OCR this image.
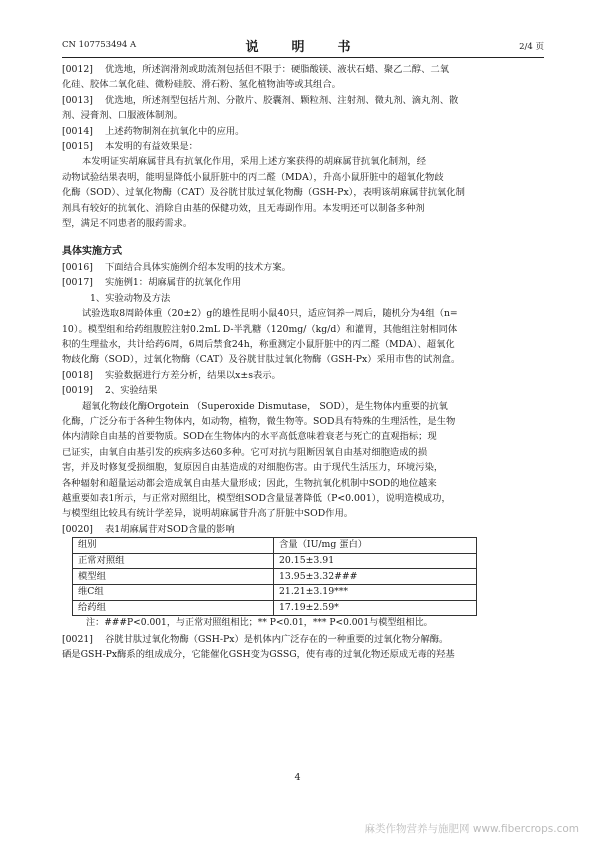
CN 107753494 A	说　明　书	2/4 页

[0012] 优选地，所述润滑剂或助流剂包括但不限于：硬脂酸镁、液状石蜡、聚乙二醇、二氧

化硅、胶体二氧化硅、微粉硅胶、滑石粉、氢化植物油等或其组合。

[0013] 优选地，所述剂型包括片剂、分散片、胶囊剂、颗粒剂、注射剂、微丸剂、滴丸剂、散

剂、浸膏剂、口服液体制剂。

[0014] 上述药物制剂在抗氧化中的应用。

[0015] 本发明的有益效果是：

本发明证实胡麻属苷具有抗氧化作用，采用上述方案获得的胡麻属苷抗氧化制剂，经

动物试验结果表明，能明显降低小鼠肝脏中的丙二醛（MDA），升高小鼠肝脏中的超氧化物歧

化酶（SOD）、过氧化物酶（CAT）及谷胱甘肽过氧化物酶（GSH-Px），表明该胡麻属苷抗氧化制

剂具有较好的抗氧化、消除自由基的保健功效，且无毒副作用。本发明还可以制备多种剂

型，满足不同患者的服药需求。

具体实施方式

[0016] 下面结合具体实施例介绍本发明的技术方案。

[0017] 实施例1：胡麻属苷的抗氧化作用

1、实验动物及方法

试验选取8周龄体重（20±2）g的雄性昆明小鼠40只，适应饲养一周后，随机分为4组（n=

10）。模型组和给药组腹腔注射0.2mL D-半乳糖（120mg/（kg/d）和灌胃，其他组注射相同体

积的生理盐水，共计给药6周，6周后禁食24h，称重测定小鼠肝脏中的丙二醛（MDA）、超氧化

物歧化酶（SOD），过氧化物酶（CAT）及谷胱甘肽过氧化物酶（GSH-Px）采用市售的试剂盒。

[0018] 实验数据进行方差分析，结果以x±s表示。

[0019] 2、实验结果

超氧化物歧化酶Orgotein （Superoxide Dismutase， SOD），是生物体内重要的抗氧

化酶，广泛分布于各种生物体内，如动物，植物，微生物等。SOD具有特殊的生理活性，是生物

体内清除自由基的首要物质。SOD在生物体内的水平高低意味着衰老与死亡的直观指标；现

已证实，由氧自由基引发的疾病多达60多种。它可对抗与阻断因氧自由基对细胞造成的损

害，并及时修复受损细胞，复原因自由基造成的对细胞伤害。由于现代生活压力，环境污染，

各种辐射和超量运动都会造成氧自由基大量形成；因此，生物抗氧化机制中SOD的地位越来

越重要如表1所示，与正常对照组比，模型组SOD含量显著降低（P<0.001），说明造模成功，

与模型组比较具有统计学差异，说明胡麻属苷升高了肝脏中SOD作用。

[0020] 表1胡麻属苷对SOD含量的影响

组别	含量（IU/mg 蛋白）
正常对照组	20.15±3.91
模型组	13.95±3.32###
维C组	21.21±3.19***
给药组	17.19±2.59*

注：###P<0.001，与正常对照组相比；** P<0.01，*** P<0.001与模型组相比。

[0021] 谷胱甘肽过氧化物酶（GSH-Px）是机体内广泛存在的一种重要的过氧化物分解酶。

硒是GSH-Px酶系的组成成分，它能催化GSH变为GSSG，使有毒的过氧化物还原成无毒的羟基

4
麻类作物营养与施肥网 www.fibercrops.com
